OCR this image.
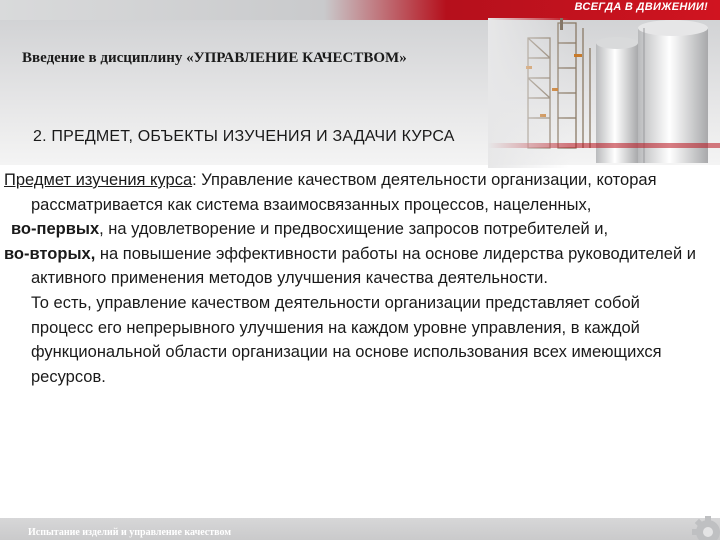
ВСЕГДА В ДВИЖЕНИИ!
Введение в дисциплину «УПРАВЛЕНИЕ КАЧЕСТВОМ»
2. ПРЕДМЕТ, ОБЪЕКТЫ ИЗУЧЕНИЯ И ЗАДАЧИ КУРСА

Предмет изучения курса: Управление качеством деятельности организации, которая рассматривается как система взаимосвязанных процессов, нацеленных,

во-первых, на удовлетворение и предвосхищение запросов потребителей и,

во-вторых, на повышение эффективности работы на основе лидерства руководителей и активного применения методов улучшения качества деятельности.

То есть, управление качеством деятельности организации представляет собой процесс его непрерывного улучшения на каждом уровне управления, в каждой функциональной области организации на основе использования всех имеющихся ресурсов.

Испытание изделий и управление качеством
